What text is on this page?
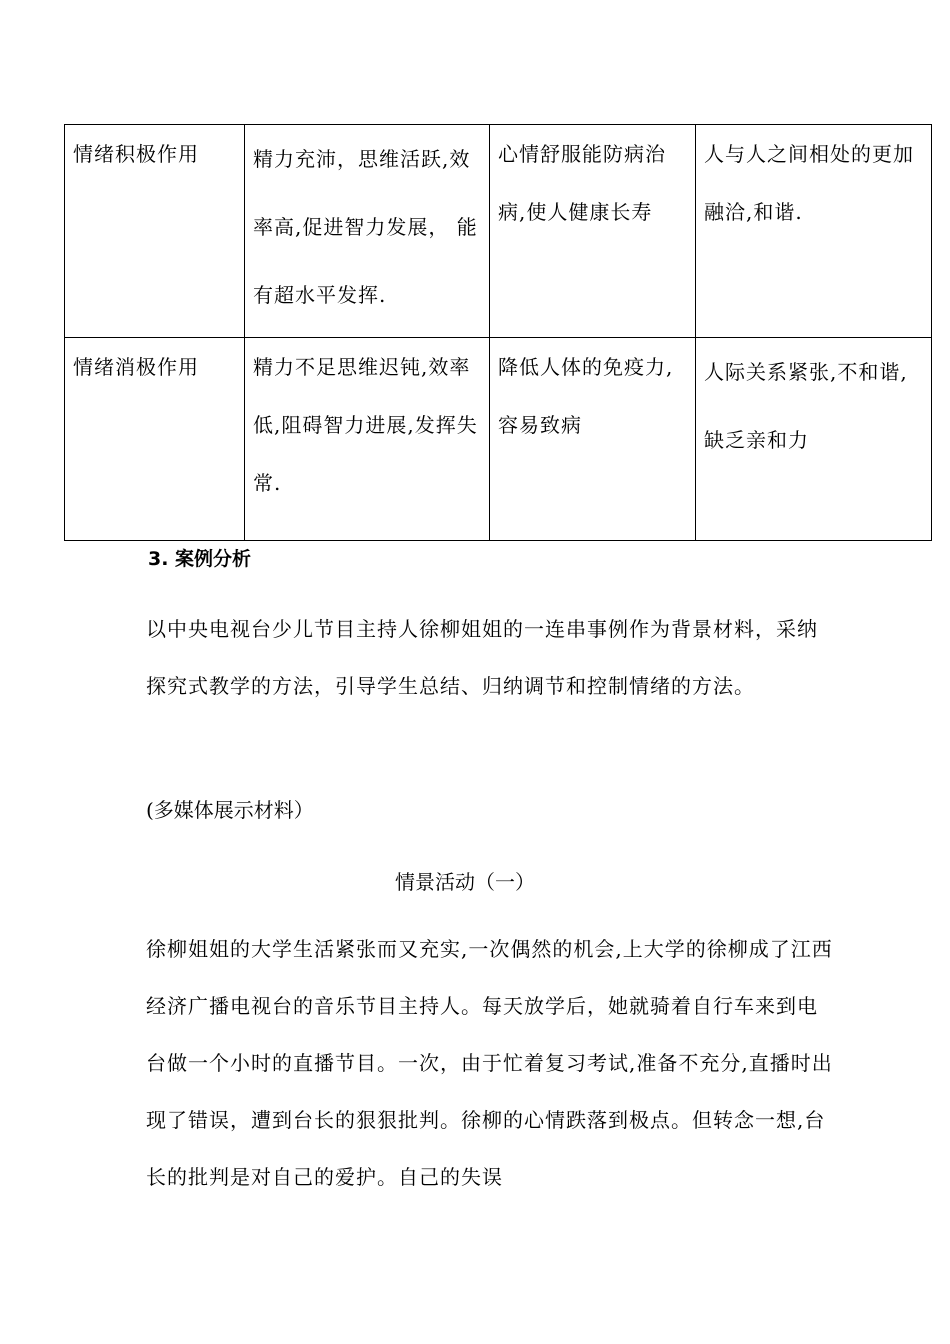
情绪积极作用	精力充沛，思维活跃,效率高,促进智力发展， 能有超水平发挥.	心情舒服能防病治病,使人健康长寿	人与人之间相处的更加融洽,和谐.
情绪消极作用	精力不足思维迟钝,效率低,阻碍智力进展,发挥失常.	降低人体的免疫力,容易致病	人际关系紧张,不和谐,缺乏亲和力
3. 案例分析
以中央电视台少儿节目主持人徐柳姐姐的一连串事例作为背景材料，采纳探究式教学的方法，引导学生总结、归纳调节和控制情绪的方法。
(多媒体展示材料）
情景活动（一）
徐柳姐姐的大学生活紧张而又充实,一次偶然的机会,上大学的徐柳成了江西经济广播电视台的音乐节目主持人。每天放学后，她就骑着自行车来到电台做一个小时的直播节目。一次，由于忙着复习考试,准备不充分,直播时出现了错误，遭到台长的狠狠批判。徐柳的心情跌落到极点。但转念一想,台长的批判是对自己的爱护。自己的失误
